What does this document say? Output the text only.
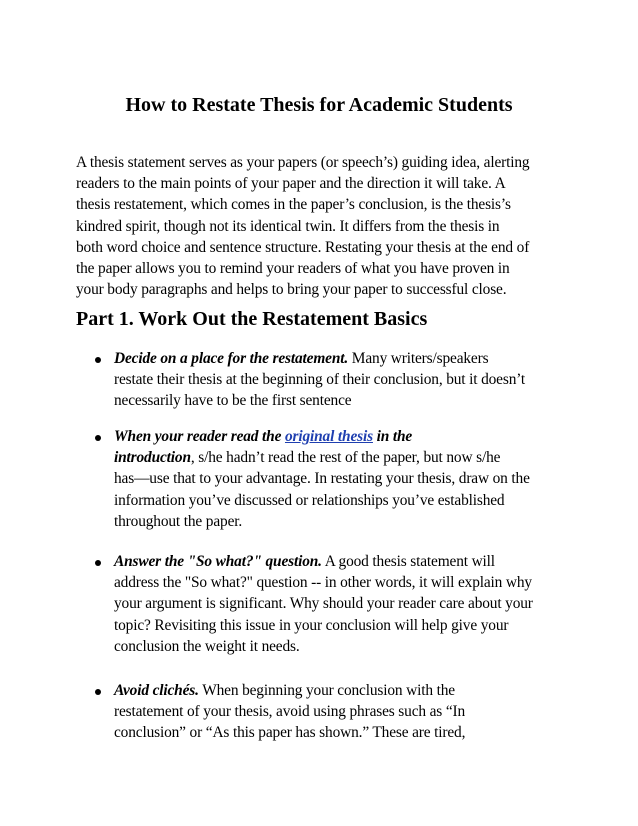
How to Restate Thesis for Academic Students

A thesis statement serves as your papers (or speech’s) guiding idea, alerting
readers to the main points of your paper and the direction it will take. A
thesis restatement, which comes in the paper’s conclusion, is the thesis’s
kindred spirit, though not its identical twin. It differs from the thesis in
both word choice and sentence structure. Restating your thesis at the end of
the paper allows you to remind your readers of what you have proven in
your body paragraphs and helps to bring your paper to successful close.

Part 1. Work Out the Restatement Basics
Decide on a place for the restatement. Many writers/speakers
restate their thesis at the beginning of their conclusion, but it doesn’t
necessarily have to be the first sentence
When your reader read the original thesis in the
introduction, s/he hadn’t read the rest of the paper, but now s/he
has—use that to your advantage. In restating your thesis, draw on the
information you’ve discussed or relationships you’ve established
throughout the paper.
Answer the "So what?" question. A good thesis statement will
address the "So what?" question -- in other words, it will explain why
your argument is significant. Why should your reader care about your
topic? Revisiting this issue in your conclusion will help give your
conclusion the weight it needs.
Avoid clichés. When beginning your conclusion with the
restatement of your thesis, avoid using phrases such as “In
conclusion” or “As this paper has shown.” These are tired,
